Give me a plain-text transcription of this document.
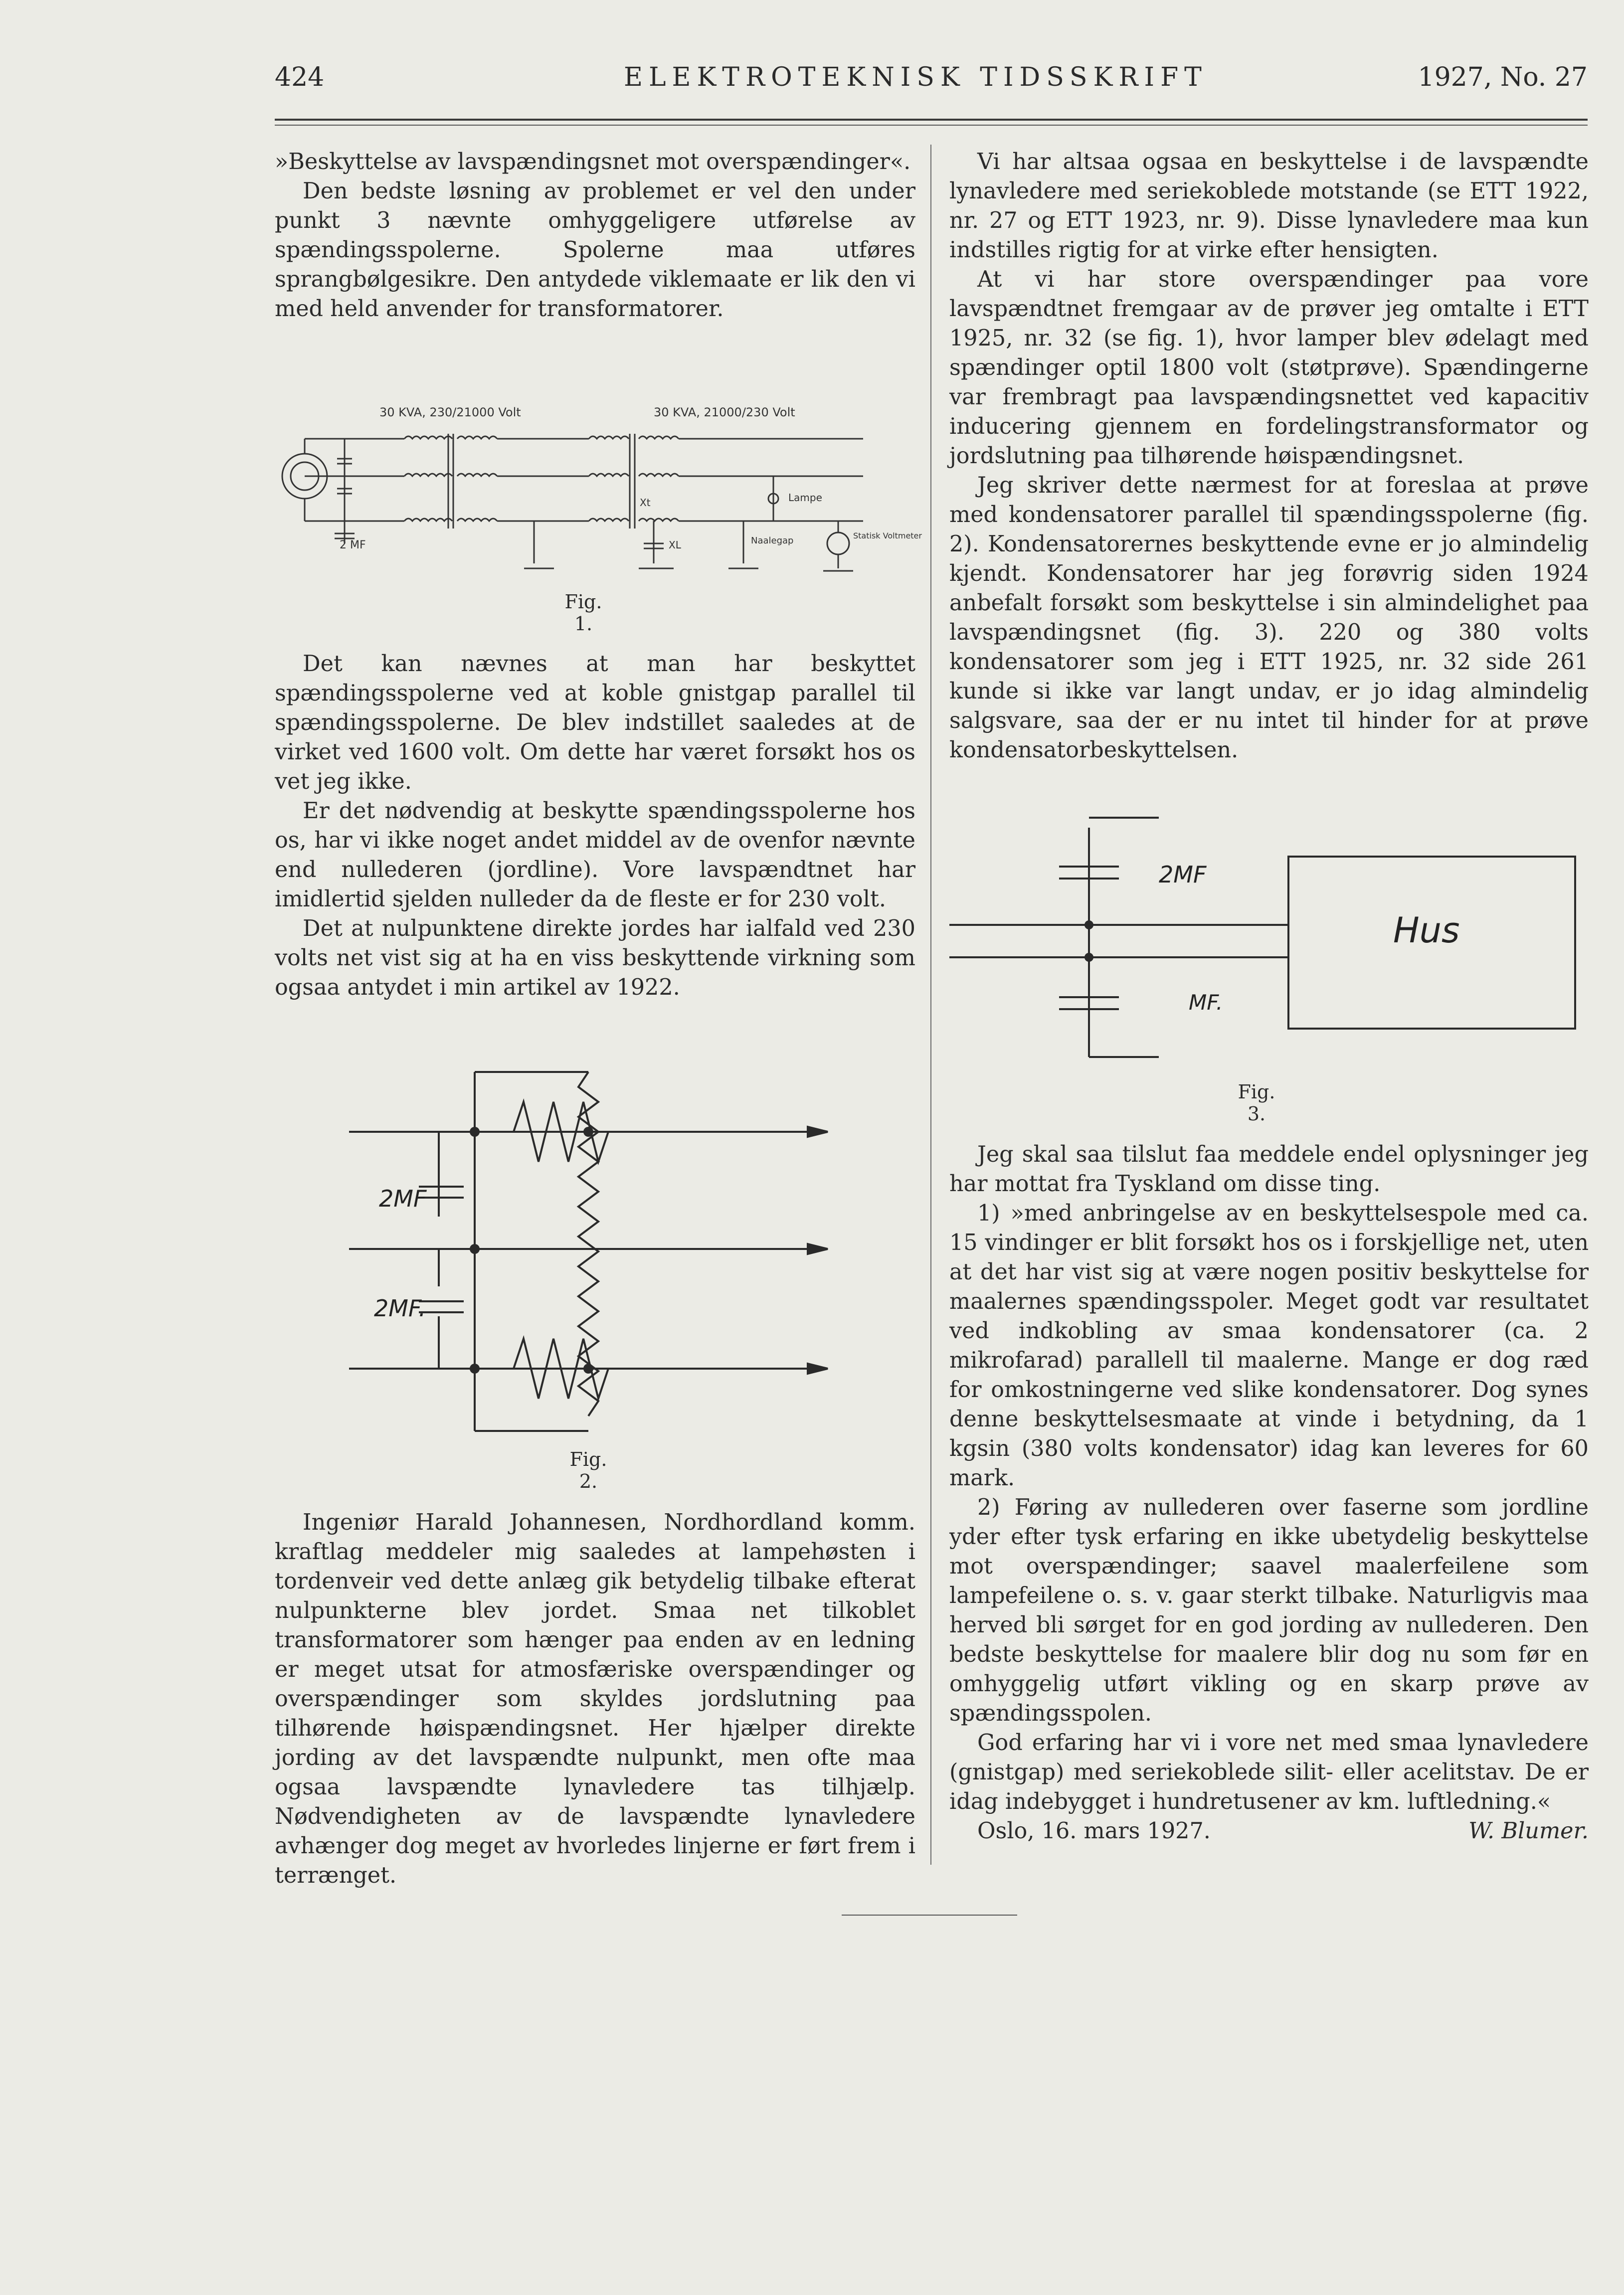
424	ELEKTROTEKNISK TIDSSKRIFT	1927, No. 27

»Beskyttelse av lavspændingsnet mot overspændinger«.

Den bedste løsning av problemet er vel den under punkt 3 nævnte omhyggeligere utførelse av spændingsspolerne. Spolerne maa utføres sprangbølgesikre. Den antydede viklemaate er lik den vi med held anvender for transformatorer.

30 KVA, 230/21000 Volt	30 KVA, 21000/230 Volt
2 MF
Xt
XL
Lampe
Naalegap	Statisk Voltmeter
Fig. 1.

Det kan nævnes at man har beskyttet spændingsspolerne ved at koble gnistgap parallel til spændingsspolerne. De blev indstillet saaledes at de virket ved 1600 volt. Om dette har været forsøkt hos os vet jeg ikke.

Er det nødvendig at beskytte spændingsspolerne hos os, har vi ikke noget andet middel av de ovenfor nævnte end nullederen (jordline). Vore lavspændtnet har imidlertid sjelden nulleder da de fleste er for 230 volt.

Det at nulpunktene direkte jordes har ialfald ved 230 volts net vist sig at ha en viss beskyttende virkning som ogsaa antydet i min artikel av 1922.

2MF
2MF.
Fig. 2.

Ingeniør Harald Johannesen, Nordhordland komm. kraftlag meddeler mig saaledes at lampehøsten i tordenveir ved dette anlæg gik betydelig tilbake efterat nulpunkterne blev jordet. Smaa net tilkoblet transformatorer som hænger paa enden av en ledning er meget utsat for atmosfæriske overspændinger og overspændinger som skyldes jordslutning paa tilhørende høispændingsnet. Her hjælper direkte jording av det lavspændte nulpunkt, men ofte maa ogsaa lavspændte lynavledere tas tilhjælp. Nødvendigheten av de lavspændte lynavledere avhænger dog meget av hvorledes linjerne er ført frem i terrænget.

Vi har altsaa ogsaa en beskyttelse i de lavspændte lynavledere med seriekoblede motstande (se ETT 1922, nr. 27 og ETT 1923, nr. 9). Disse lynavledere maa kun indstilles rigtig for at virke efter hensigten.

At vi har store overspændinger paa vore lavspændtnet fremgaar av de prøver jeg omtalte i ETT 1925, nr. 32 (se fig. 1), hvor lamper blev ødelagt med spændinger optil 1800 volt (støtprøve). Spændingerne var frembragt paa lavspændingsnettet ved kapacitiv inducering gjennem en fordelingstransformator og jordslutning paa tilhørende høispændingsnet.

Jeg skriver dette nærmest for at foreslaa at prøve med kondensatorer parallel til spændingsspolerne (fig. 2). Kondensatorernes beskyttende evne er jo almindelig kjendt. Kondensatorer har jeg forøvrig siden 1924 anbefalt forsøkt som beskyttelse i sin almindelighet paa lavspændingsnet (fig. 3). 220 og 380 volts kondensatorer som jeg i ETT 1925, nr. 32 side 261 kunde si ikke var langt undav, er jo idag almindelig salgsvare, saa der er nu intet til hinder for at prøve kondensatorbeskyttelsen.

2MF
MF.
Hus
Fig. 3.

Jeg skal saa tilslut faa meddele endel oplysninger jeg har mottat fra Tyskland om disse ting.

1) »med anbringelse av en beskyttelsespole med ca. 15 vindinger er blit forsøkt hos os i forskjellige net, uten at det har vist sig at være nogen positiv beskyttelse for maalernes spændingsspoler. Meget godt var resultatet ved indkobling av smaa kondensatorer (ca. 2 mikrofarad) parallell til maalerne. Mange er dog ræd for omkostningerne ved slike kondensatorer. Dog synes denne beskyttelsesmaate at vinde i betydning, da 1 kgsin (380 volts kondensator) idag kan leveres for 60 mark.

2) Føring av nullederen over faserne som jordline yder efter tysk erfaring en ikke ubetydelig beskyttelse mot overspændinger; saavel maalerfeilene som lampefeilene o. s. v. gaar sterkt tilbake. Naturligvis maa herved bli sørget for en god jording av nullederen. Den bedste beskyttelse for maalere blir dog nu som før en omhyggelig utført vikling og en skarp prøve av spændingsspolen.

God erfaring har vi i vore net med smaa lynavledere (gnistgap) med seriekoblede silit- eller acelitstav. De er idag indebygget i hundretusener av km. luftledning.«

Oslo, 16. mars 1927.	W. Blumer.
